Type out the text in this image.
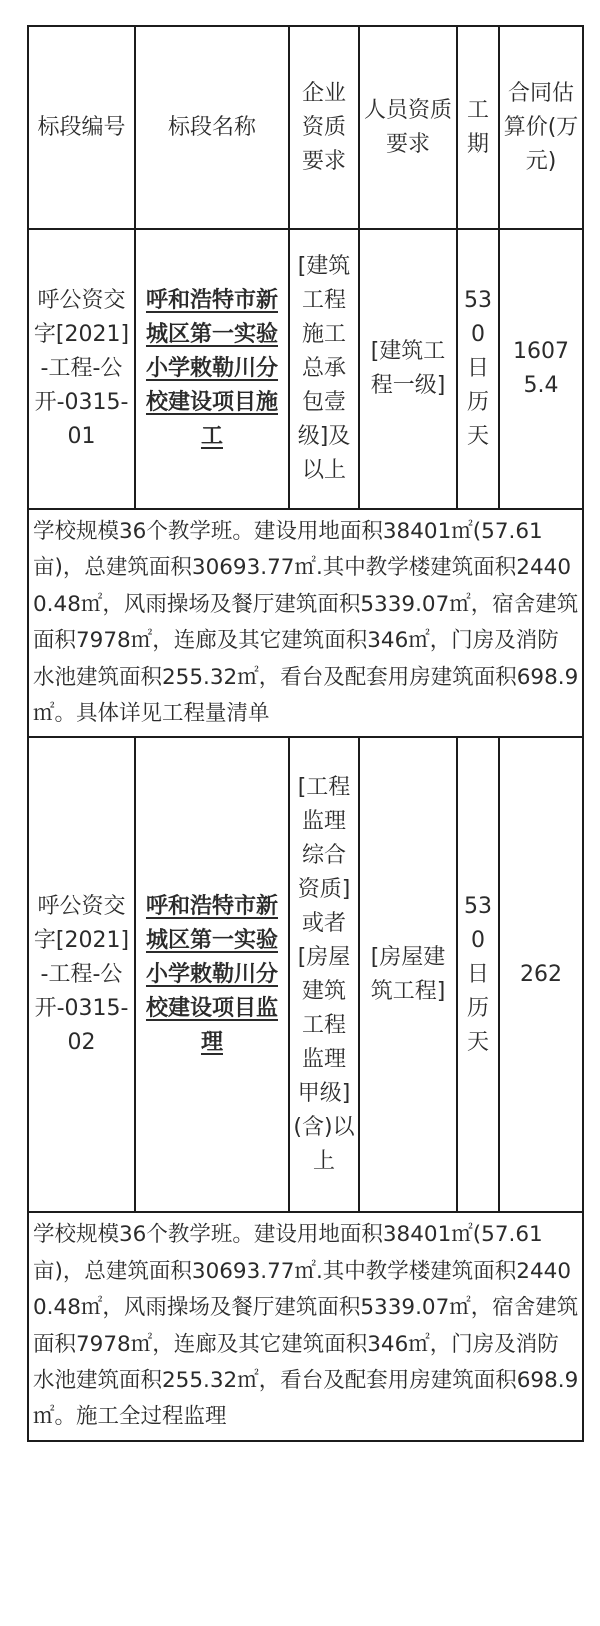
标段编号	标段名称	企业资质要求	人员资质要求	工期	合同估算价(万元)
呼公资交字[2021]-工程-公开-0315-01	呼和浩特市新城区第一实验小学敕勒川分校建设项目施工	[建筑工程施工总承包壹级]及以上	[建筑工程一级]	530日历天	16075.4
学校规模36个教学班。建设用地面积38401㎡(57.61亩)，总建筑面积30693.77㎡.其中教学楼建筑面积24400.48㎡，风雨操场及餐厅建筑面积5339.07㎡，宿舍建筑面积7978㎡，连廊及其它建筑面积346㎡，门房及消防水池建筑面积255.32㎡，看台及配套用房建筑面积698.9㎡。具体详见工程量清单					
呼公资交字[2021]-工程-公开-0315-02	呼和浩特市新城区第一实验小学敕勒川分校建设项目监理	[工程监理综合资质]或者[房屋建筑工程监理甲级](含)以上	[房屋建筑工程]	530日历天	262
学校规模36个教学班。建设用地面积38401㎡(57.61亩)，总建筑面积30693.77㎡.其中教学楼建筑面积24400.48㎡，风雨操场及餐厅建筑面积5339.07㎡，宿舍建筑面积7978㎡，连廊及其它建筑面积346㎡，门房及消防水池建筑面积255.32㎡，看台及配套用房建筑面积698.9㎡。施工全过程监理					
